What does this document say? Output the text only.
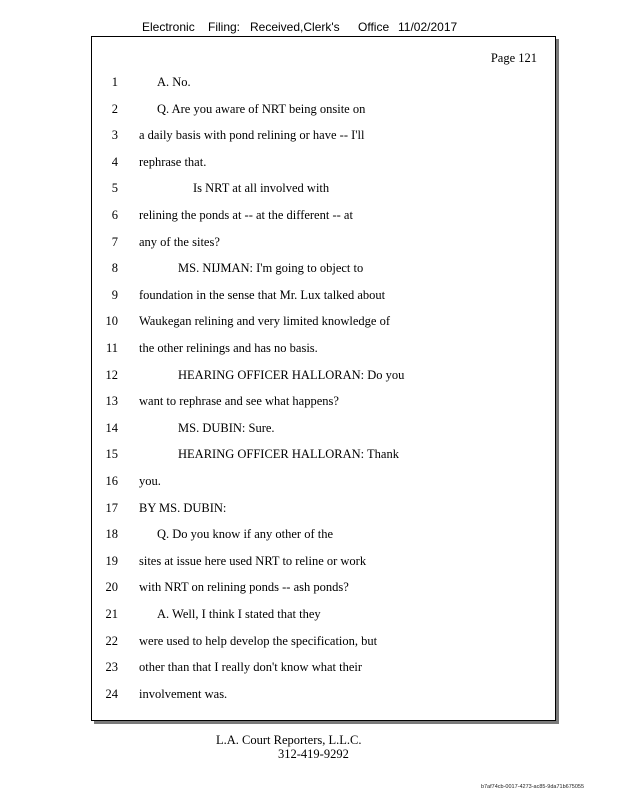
Electronic Filing: Received,Clerk's Office 11/02/2017
Page 121
1	A. No.
2	Q. Are you aware of NRT being onsite on
3 a daily basis with pond relining or have -- I'll
4 rephrase that.
5	Is NRT at all involved with
6 relining the ponds at -- at the different -- at
7 any of the sites?
8	MS. NIJMAN: I'm going to object to
9 foundation in the sense that Mr. Lux talked about
10 Waukegan relining and very limited knowledge of
11 the other relinings and has no basis.
12	HEARING OFFICER HALLORAN: Do you
13 want to rephrase and see what happens?
14	MS. DUBIN: Sure.
15	HEARING OFFICER HALLORAN: Thank
16 you.
17 BY MS. DUBIN:
18	Q. Do you know if any other of the
19 sites at issue here used NRT to reline or work
20 with NRT on relining ponds -- ash ponds?
21	A. Well, I think I stated that they
22 were used to help develop the specification, but
23 other than that I really don't know what their
24 involvement was.
L.A. Court Reporters, L.L.C.
312-419-9292
b7af74cb-0017-4273-ac85-9da71b675055
